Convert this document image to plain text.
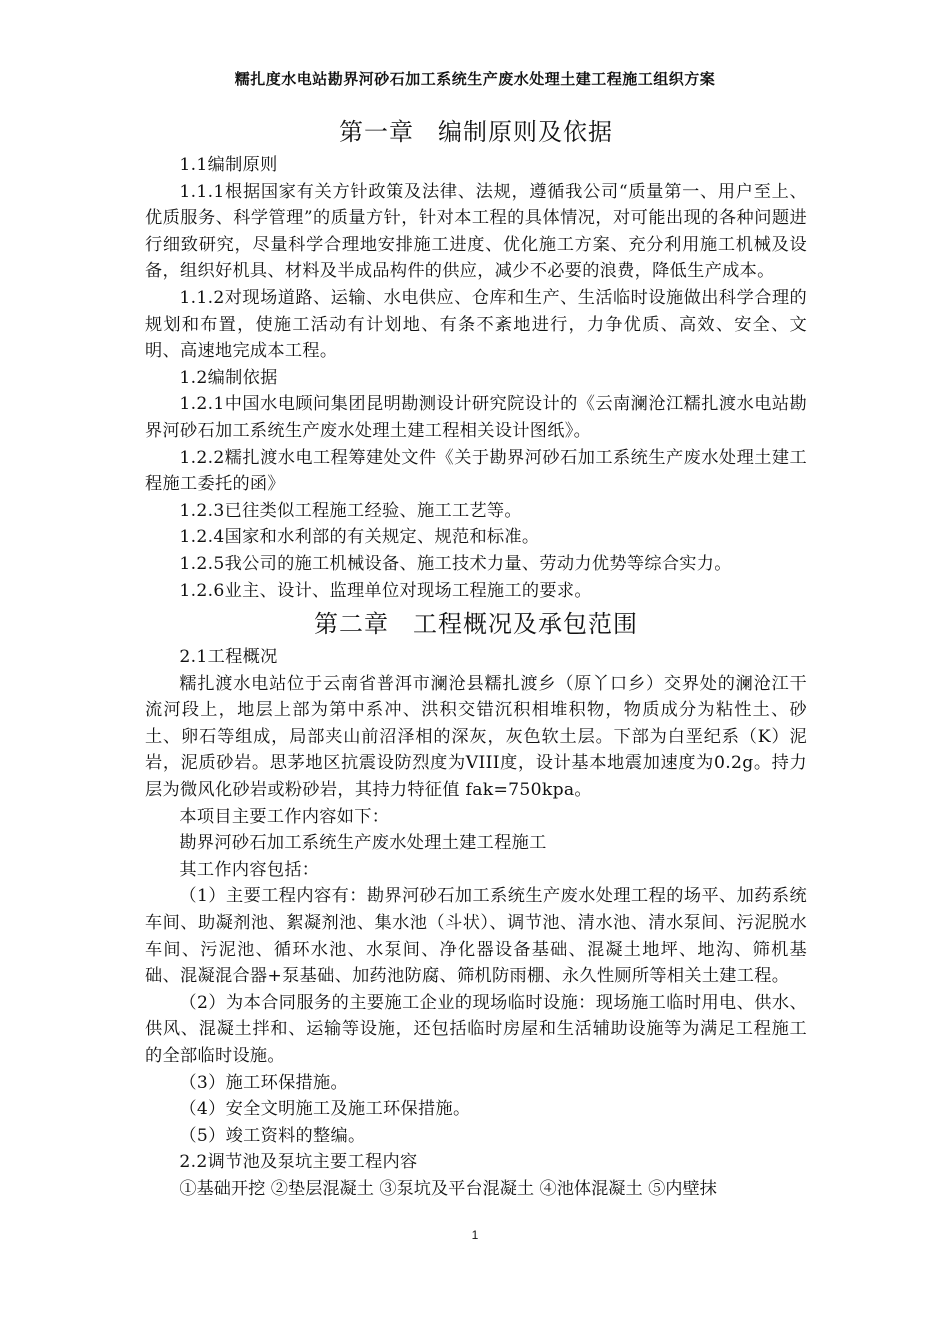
糯扎度水电站勘界河砂石加工系统生产废水处理土建工程施工组织方案
第一章 编制原则及依据

1.1编制原则

1.1.1根据国家有关方针政策及法律、法规，遵循我公司“质量第一、用户至上、优质服务、科学管理”的质量方针，针对本工程的具体情况，对可能出现的各种问题进行细致研究，尽量科学合理地安排施工进度、优化施工方案、充分利用施工机械及设备，组织好机具、材料及半成品构件的供应，减少不必要的浪费，降低生产成本。

1.1.2对现场道路、运输、水电供应、仓库和生产、生活临时设施做出科学合理的规划和布置，使施工活动有计划地、有条不紊地进行，力争优质、高效、安全、文明、高速地完成本工程。

1.2编制依据

1.2.1中国水电顾问集团昆明勘测设计研究院设计的《云南澜沧江糯扎渡水电站勘界河砂石加工系统生产废水处理土建工程相关设计图纸》。

1.2.2糯扎渡水电工程筹建处文件《关于勘界河砂石加工系统生产废水处理土建工程施工委托的函》

1.2.3已往类似工程施工经验、施工工艺等。

1.2.4国家和水利部的有关规定、规范和标准。

1.2.5我公司的施工机械设备、施工技术力量、劳动力优势等综合实力。

1.2.6业主、设计、监理单位对现场工程施工的要求。

第二章 工程概况及承包范围

2.1工程概况

糯扎渡水电站位于云南省普洱市澜沧县糯扎渡乡（原丫口乡）交界处的澜沧江干流河段上，地层上部为第中系冲、洪积交错沉积相堆积物，物质成分为粘性土、砂土、卵石等组成，局部夹山前沼泽相的深灰，灰色软土层。下部为白垩纪系（K）泥岩，泥质砂岩。思茅地区抗震设防烈度为VIII度，设计基本地震加速度为0.2g。持力层为微风化砂岩或粉砂岩，其持力特征值 fak=750kpa。

本项目主要工作内容如下：

勘界河砂石加工系统生产废水处理土建工程施工

其工作内容包括：

（1）主要工程内容有：勘界河砂石加工系统生产废水处理工程的场平、加药系统车间、助凝剂池、絮凝剂池、集水池（斗状）、调节池、清水池、清水泵间、污泥脱水车间、污泥池、循环水池、水泵间、净化器设备基础、混凝土地坪、地沟、筛机基础、混凝混合器+泵基础、加药池防腐、筛机防雨棚、永久性厕所等相关土建工程。

（2）为本合同服务的主要施工企业的现场临时设施：现场施工临时用电、供水、供风、混凝土拌和、运输等设施，还包括临时房屋和生活辅助设施等为满足工程施工的全部临时设施。

（3）施工环保措施。

（4）安全文明施工及施工环保措施。

（5）竣工资料的整编。

2.2调节池及泵坑主要工程内容

①基础开挖 ②垫层混凝土 ③泵坑及平台混凝土 ④池体混凝土 ⑤内壁抹

1
